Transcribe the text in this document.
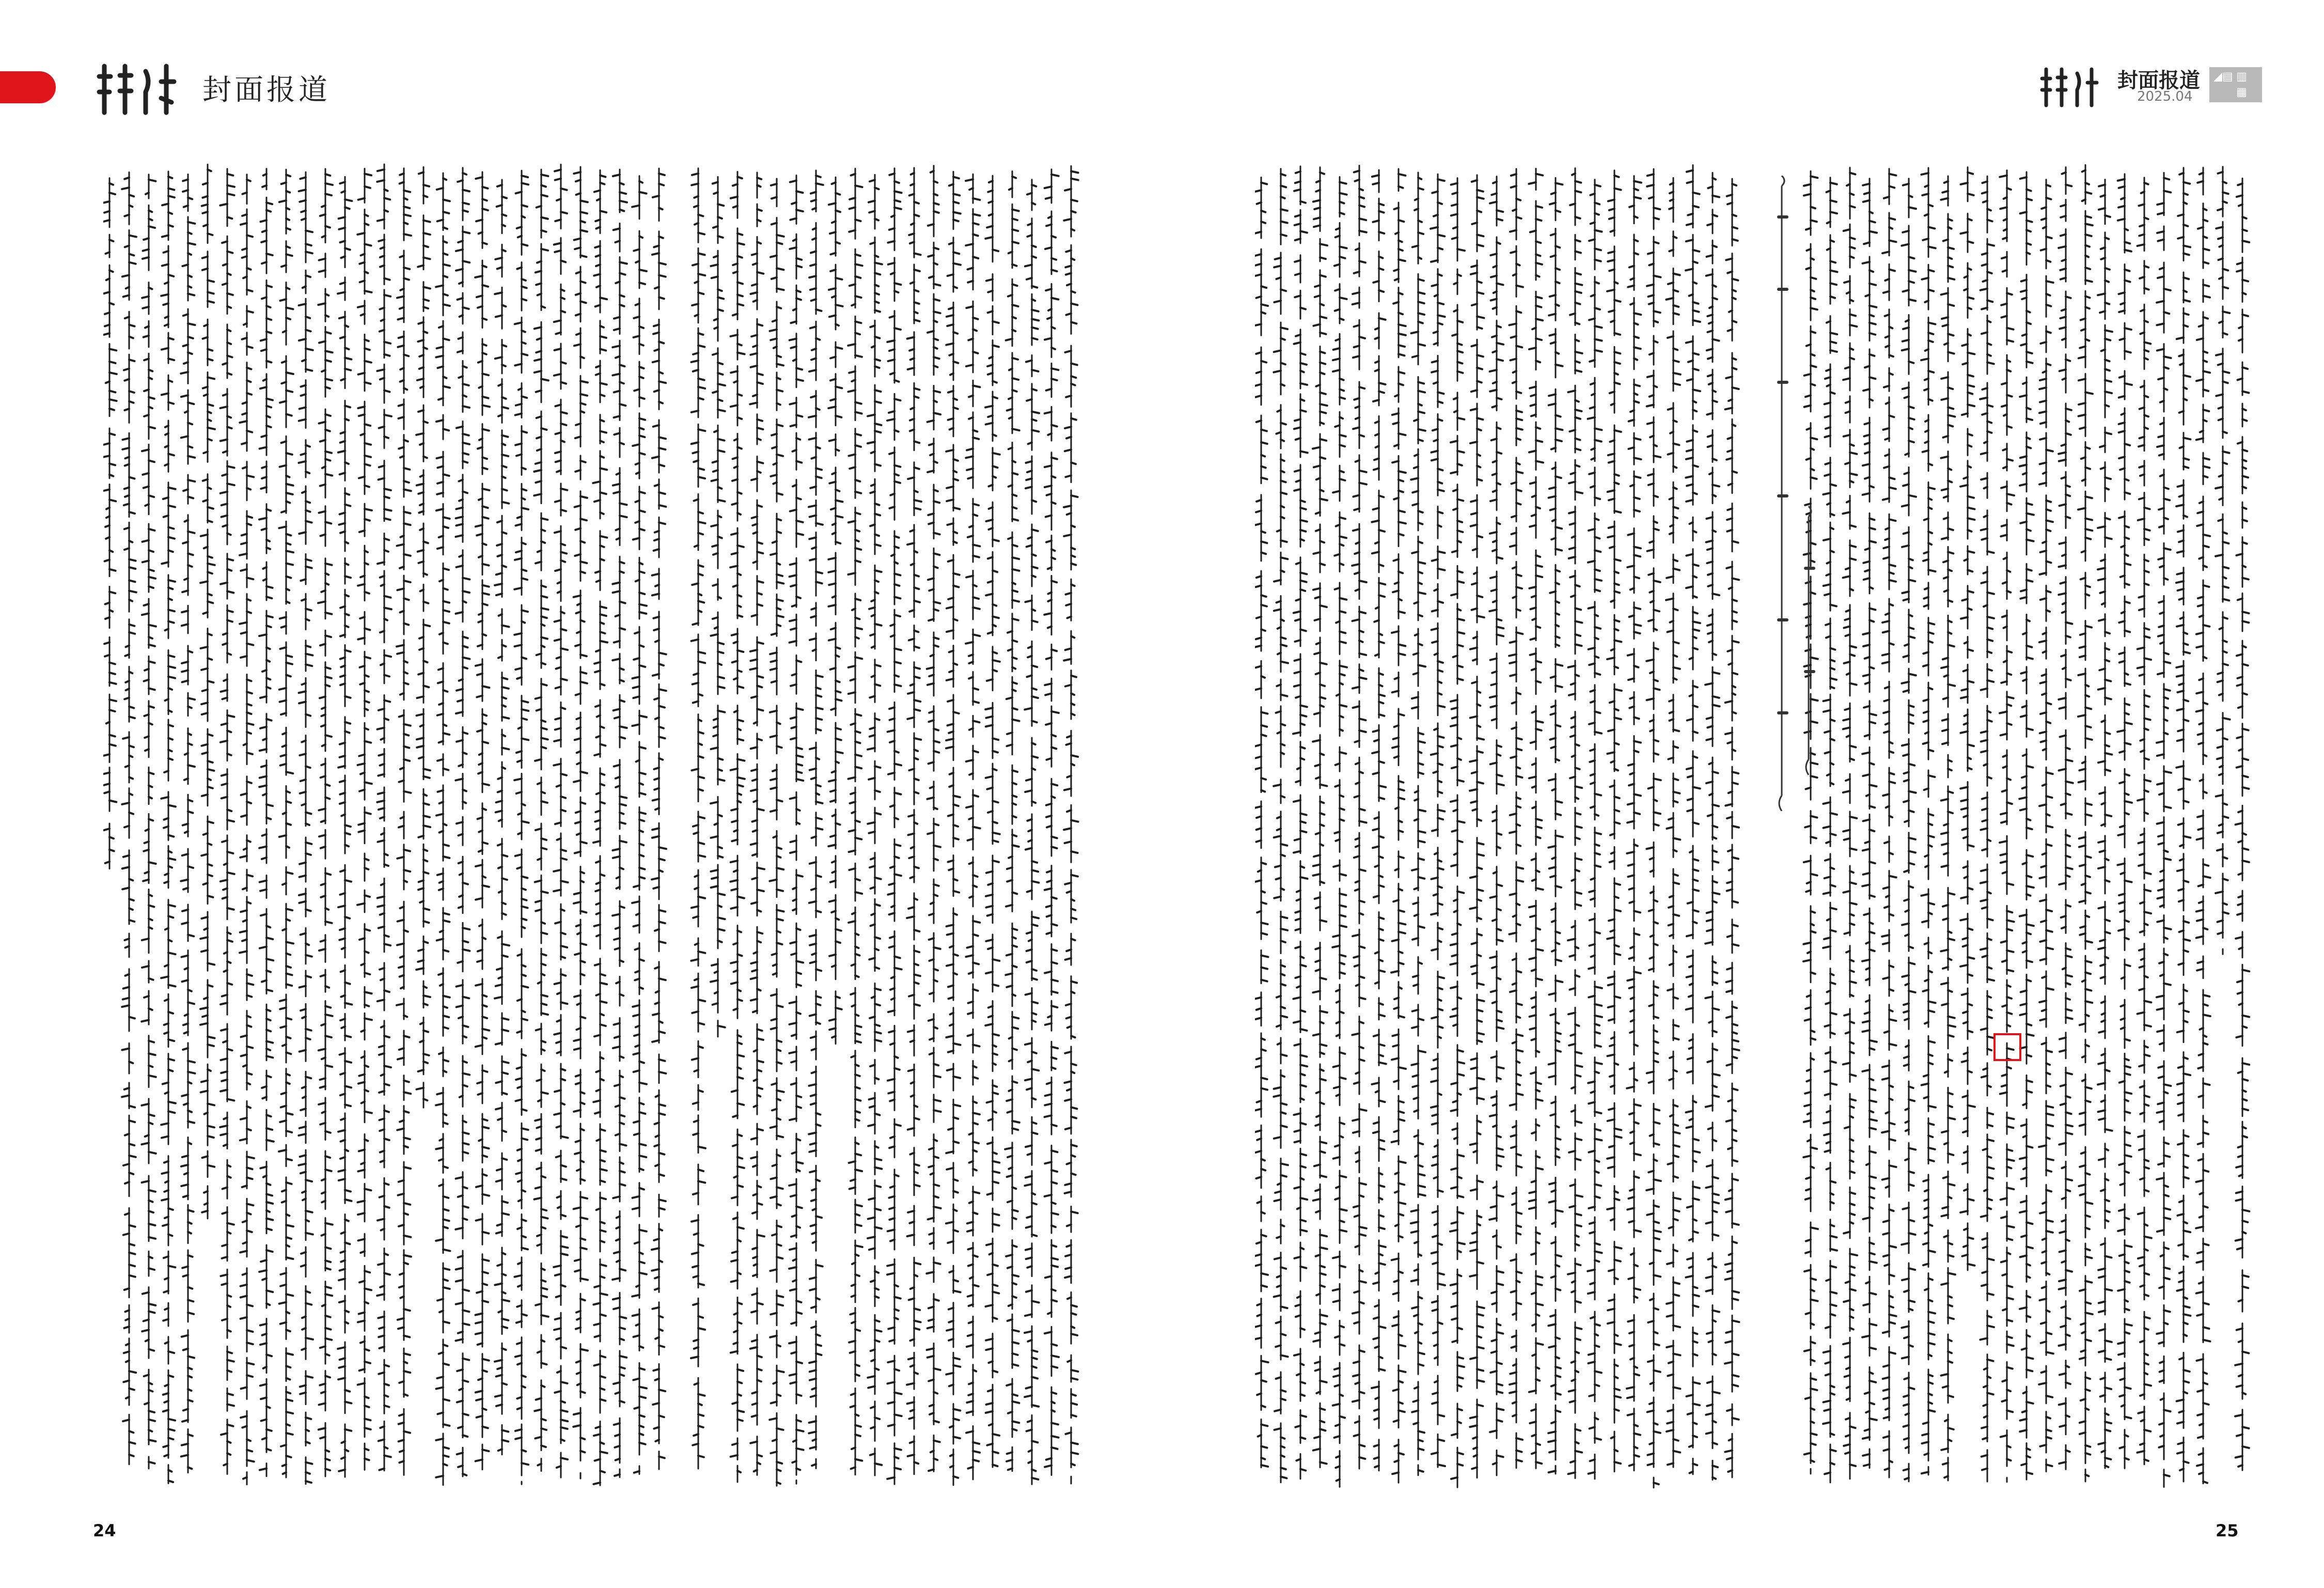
封面报道
24
封面报道
2025.04
◢▤ ▥
▦
25
